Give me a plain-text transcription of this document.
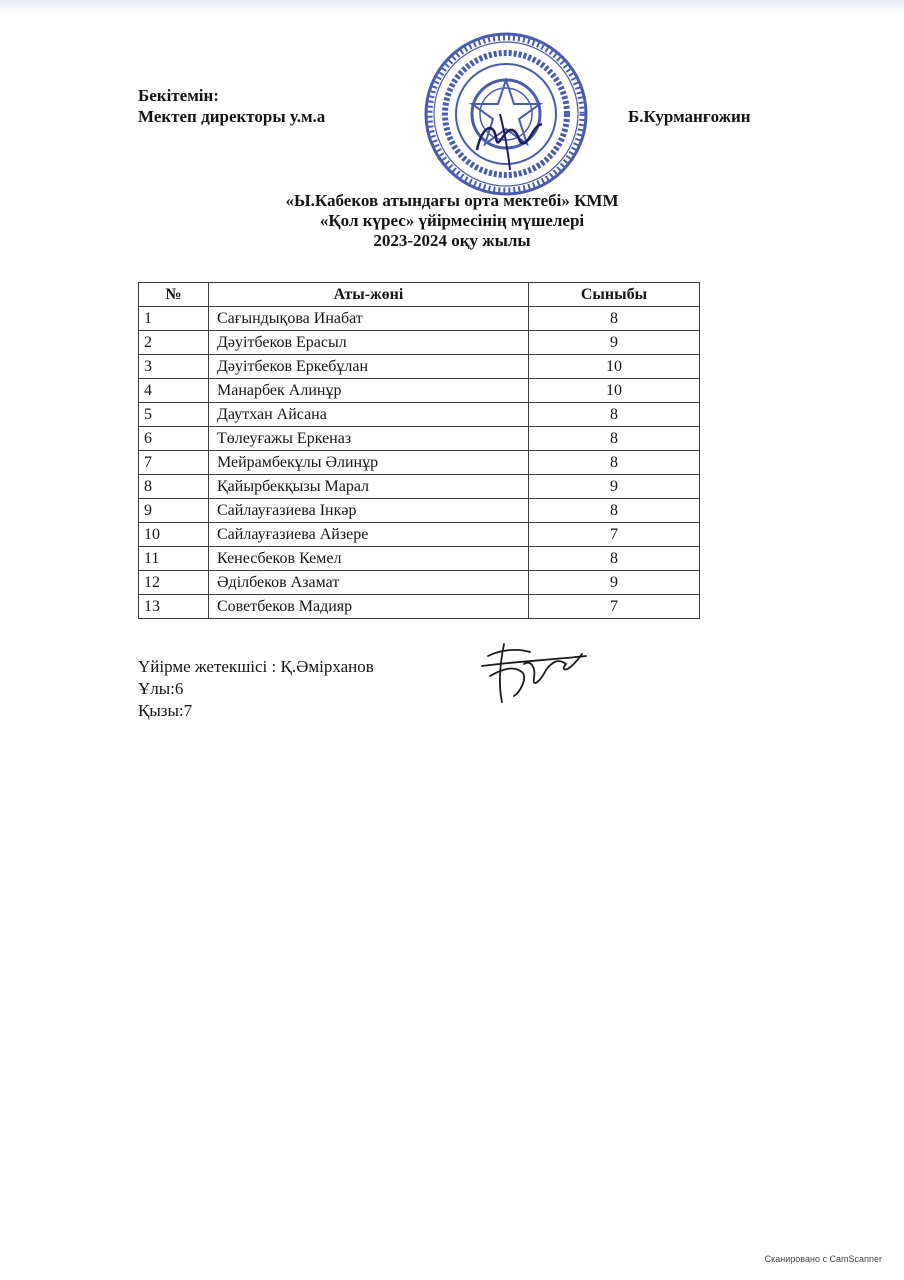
Бекітемін:
Мектеп директоры у.м.а	Б.Курманғожин
«Ы.Кабеков атындағы орта мектебі» КММ
«Қол күрес» үйірмесінің мүшелері
2023-2024 оқу жылы
№	Аты-жөні	Сыныбы
1	Сағындықова Инабат	8
2	Дәуітбеков Ерасыл	9
3	Дәуітбеков Еркебұлан	10
4	Манарбек Алинұр	10
5	Даутхан Айсана	8
6	Төлеуғажы Еркеназ	8
7	Мейрамбекұлы Әлинұр	8
8	Қайырбекқызы Марал	9
9	Сайлауғазиева Інкәр	8
10	Сайлауғазиева Айзере	7
11	Кенесбеков Кемел	8
12	Әділбеков Азамат	9
13	Советбеков Мадияр	7
Үйірме жетекшісі : Қ.Әмірханов
Ұлы:6
Қызы:7
Сканировано с CamScanner
